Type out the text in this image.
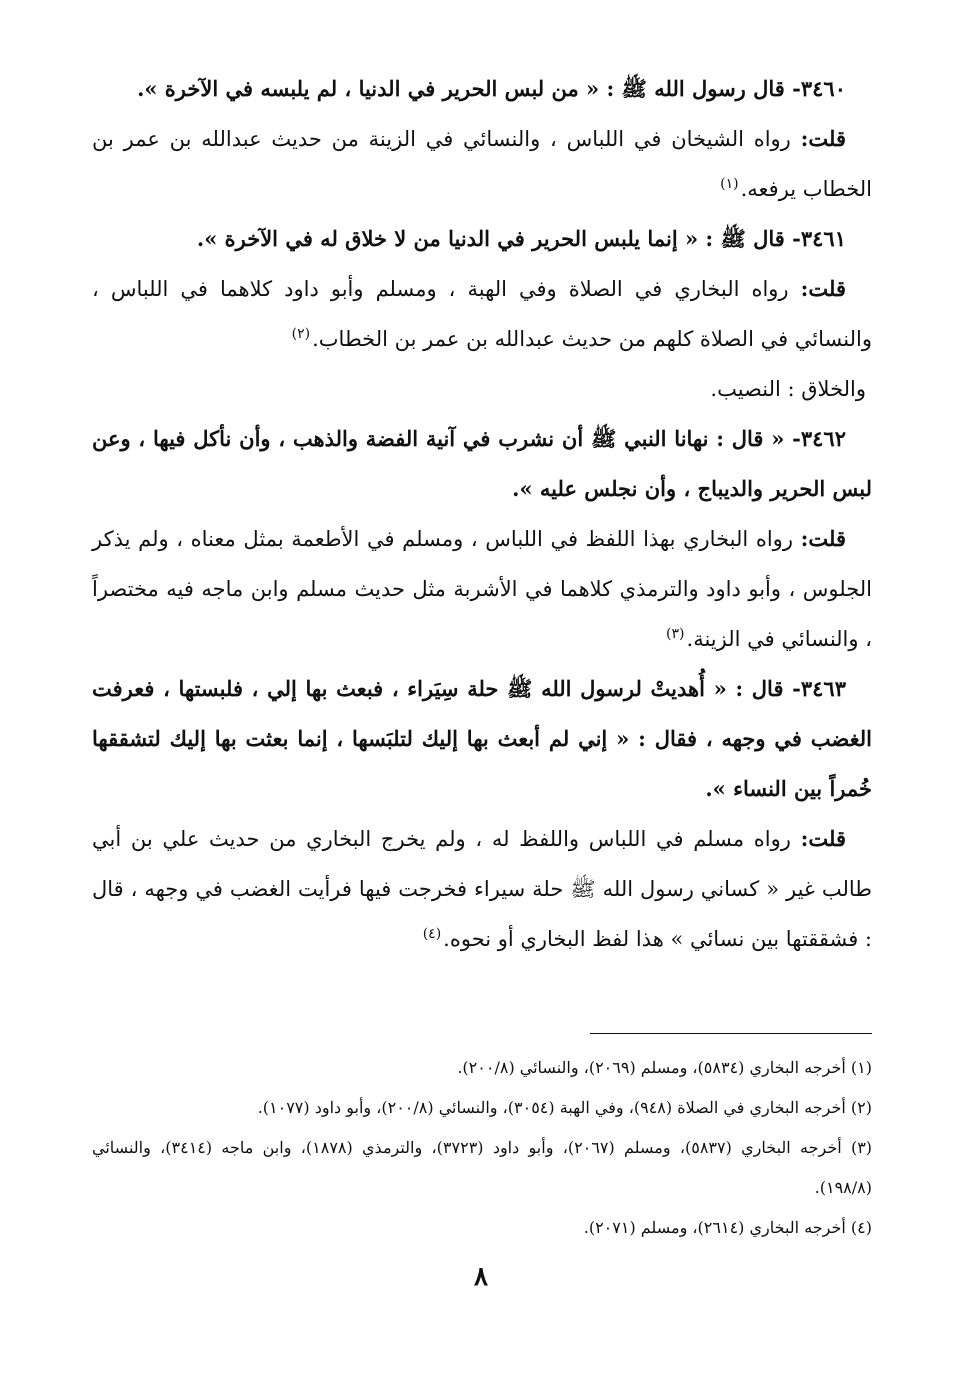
٣٤٦٠- قال رسول الله ﷺ : « من لبس الحرير في الدنيا ، لم يلبسه في الآخرة ».

قلت: رواه الشيخان في اللباس ، والنسائي في الزينة من حديث عبدالله بن عمر بن الخطاب يرفعه.$^{(١)}$

٣٤٦١- قال ﷺ : « إنما يلبس الحرير في الدنيا من لا خلاق له في الآخرة ».

قلت: رواه البخاري في الصلاة وفي الهبة ، ومسلم وأبو داود كلاهما في اللباس ، والنسائي في الصلاة كلهم من حديث عبدالله بن عمر بن الخطاب.$^{(٢)}$

والخلاق : النصيب.

٣٤٦٢- « قال : نهانا النبي ﷺ أن نشرب في آنية الفضة والذهب ، وأن نأكل فيها ، وعن لبس الحرير والديباج ، وأن نجلس عليه ».

قلت: رواه البخاري بهذا اللفظ في اللباس ، ومسلم في الأطعمة بمثل معناه ، ولم يذكر الجلوس ، وأبو داود والترمذي كلاهما في الأشربة مثل حديث مسلم وابن ماجه فيه مختصراً ، والنسائي في الزينة.$^{(٣)}$

٣٤٦٣- قال : « أُهديتْ لرسول الله ﷺ حلة سِيَراء ، فبعث بها إلي ، فلبستها ، فعرفت الغضب في وجهه ، فقال : « إني لم أبعث بها إليك لتلبَسها ، إنما بعثت بها إليك لتشققها خُمراً بين النساء ».

قلت: رواه مسلم في اللباس واللفظ له ، ولم يخرج البخاري من حديث علي بن أبي طالب غير « كساني رسول الله ﷺ حلة سيراء فخرجت فيها فرأيت الغضب في وجهه ، قال : فشققتها بين نسائي » هذا لفظ البخاري أو نحوه.$^{(٤)}$

(١) أخرجه البخاري (٥٨٣٤)، ومسلم (٢٠٦٩)، والنسائي (٢٠٠/٨).

(٢) أخرجه البخاري في الصلاة (٩٤٨)، وفي الهبة (٣٠٥٤)، والنسائي (٢٠٠/٨)، وأبو داود (١٠٧٧).

(٣) أخرجه البخاري (٥٨٣٧)، ومسلم (٢٠٦٧)، وأبو داود (٣٧٢٣)، والترمذي (١٨٧٨)، وابن ماجه (٣٤١٤)، والنسائي (١٩٨/٨).

(٤) أخرجه البخاري (٢٦١٤)، ومسلم (٢٠٧١).

٨
